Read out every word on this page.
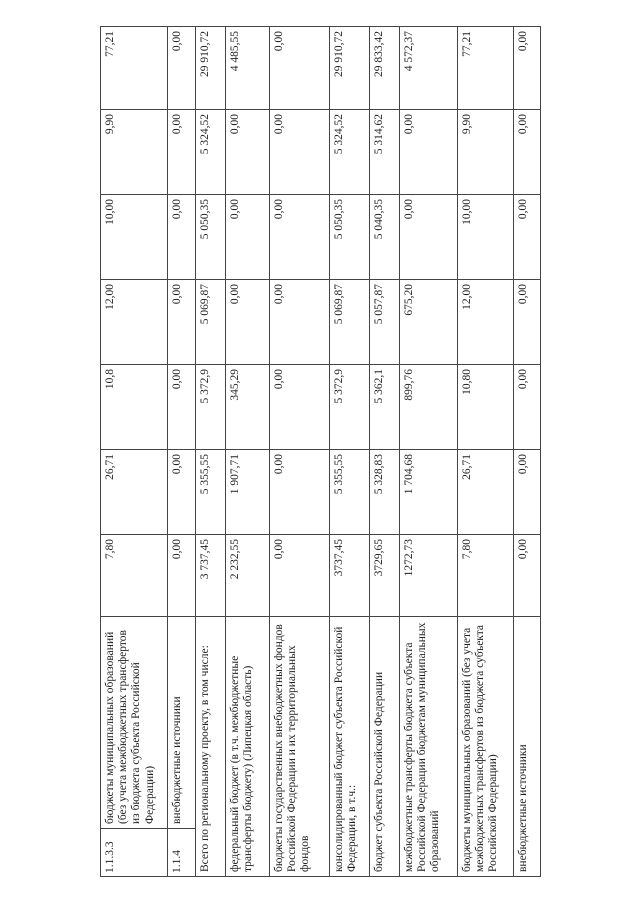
1.1.3.3	бюджеты муниципальных образований (без учета межбюджетных трансфертов из бюджета субъекта Российской Федерации)	7,80	26,71	10,8	12,00	10,00	9,90	77,21
1.1.4	внебюджетные источники	0,00	0,00	0,00	0,00	0,00	0,00	0,00
Всего по региональному проекту, в том числе:		3 737,45	5 355,55	5 372,9	5 069,87	5 050,35	5 324,52	29 910,72
федеральный бюджет (в т.ч. межбюджетные трансферты бюджету) (Липецкая область)		2 232,55	1 907,71	345,29	0,00	0,00	0,00	4 485,55
бюджеты государственных внебюджетных фондов Российской Федерации и их территориальных фондов		0,00	0,00	0,00	0,00	0,00	0,00	0,00
консолидированный бюджет субъекта Российской Федерации, в т.ч.:		3737,45	5 355,55	5 372,9	5 069,87	5 050,35	5 324,52	29 910,72
бюджет субъекта Российской Федерации		3729,65	5 328,83	5 362,1	5 057,87	5 040,35	5 314,62	29 833,42
межбюджетные трансферты бюджета субъекта Российской Федерации бюджетам муниципальных образований		1272,73	1 704,68	899,76	675,20	0,00	0,00	4 572,37
бюджеты муниципальных образований (без учета межбюджетных трансфертов из бюджета субъекта Российской Федерации)		7,80	26,71	10,80	12,00	10,00	9,90	77,21
внебюджетные источники		0,00	0,00	0,00	0,00	0,00	0,00	0,00
